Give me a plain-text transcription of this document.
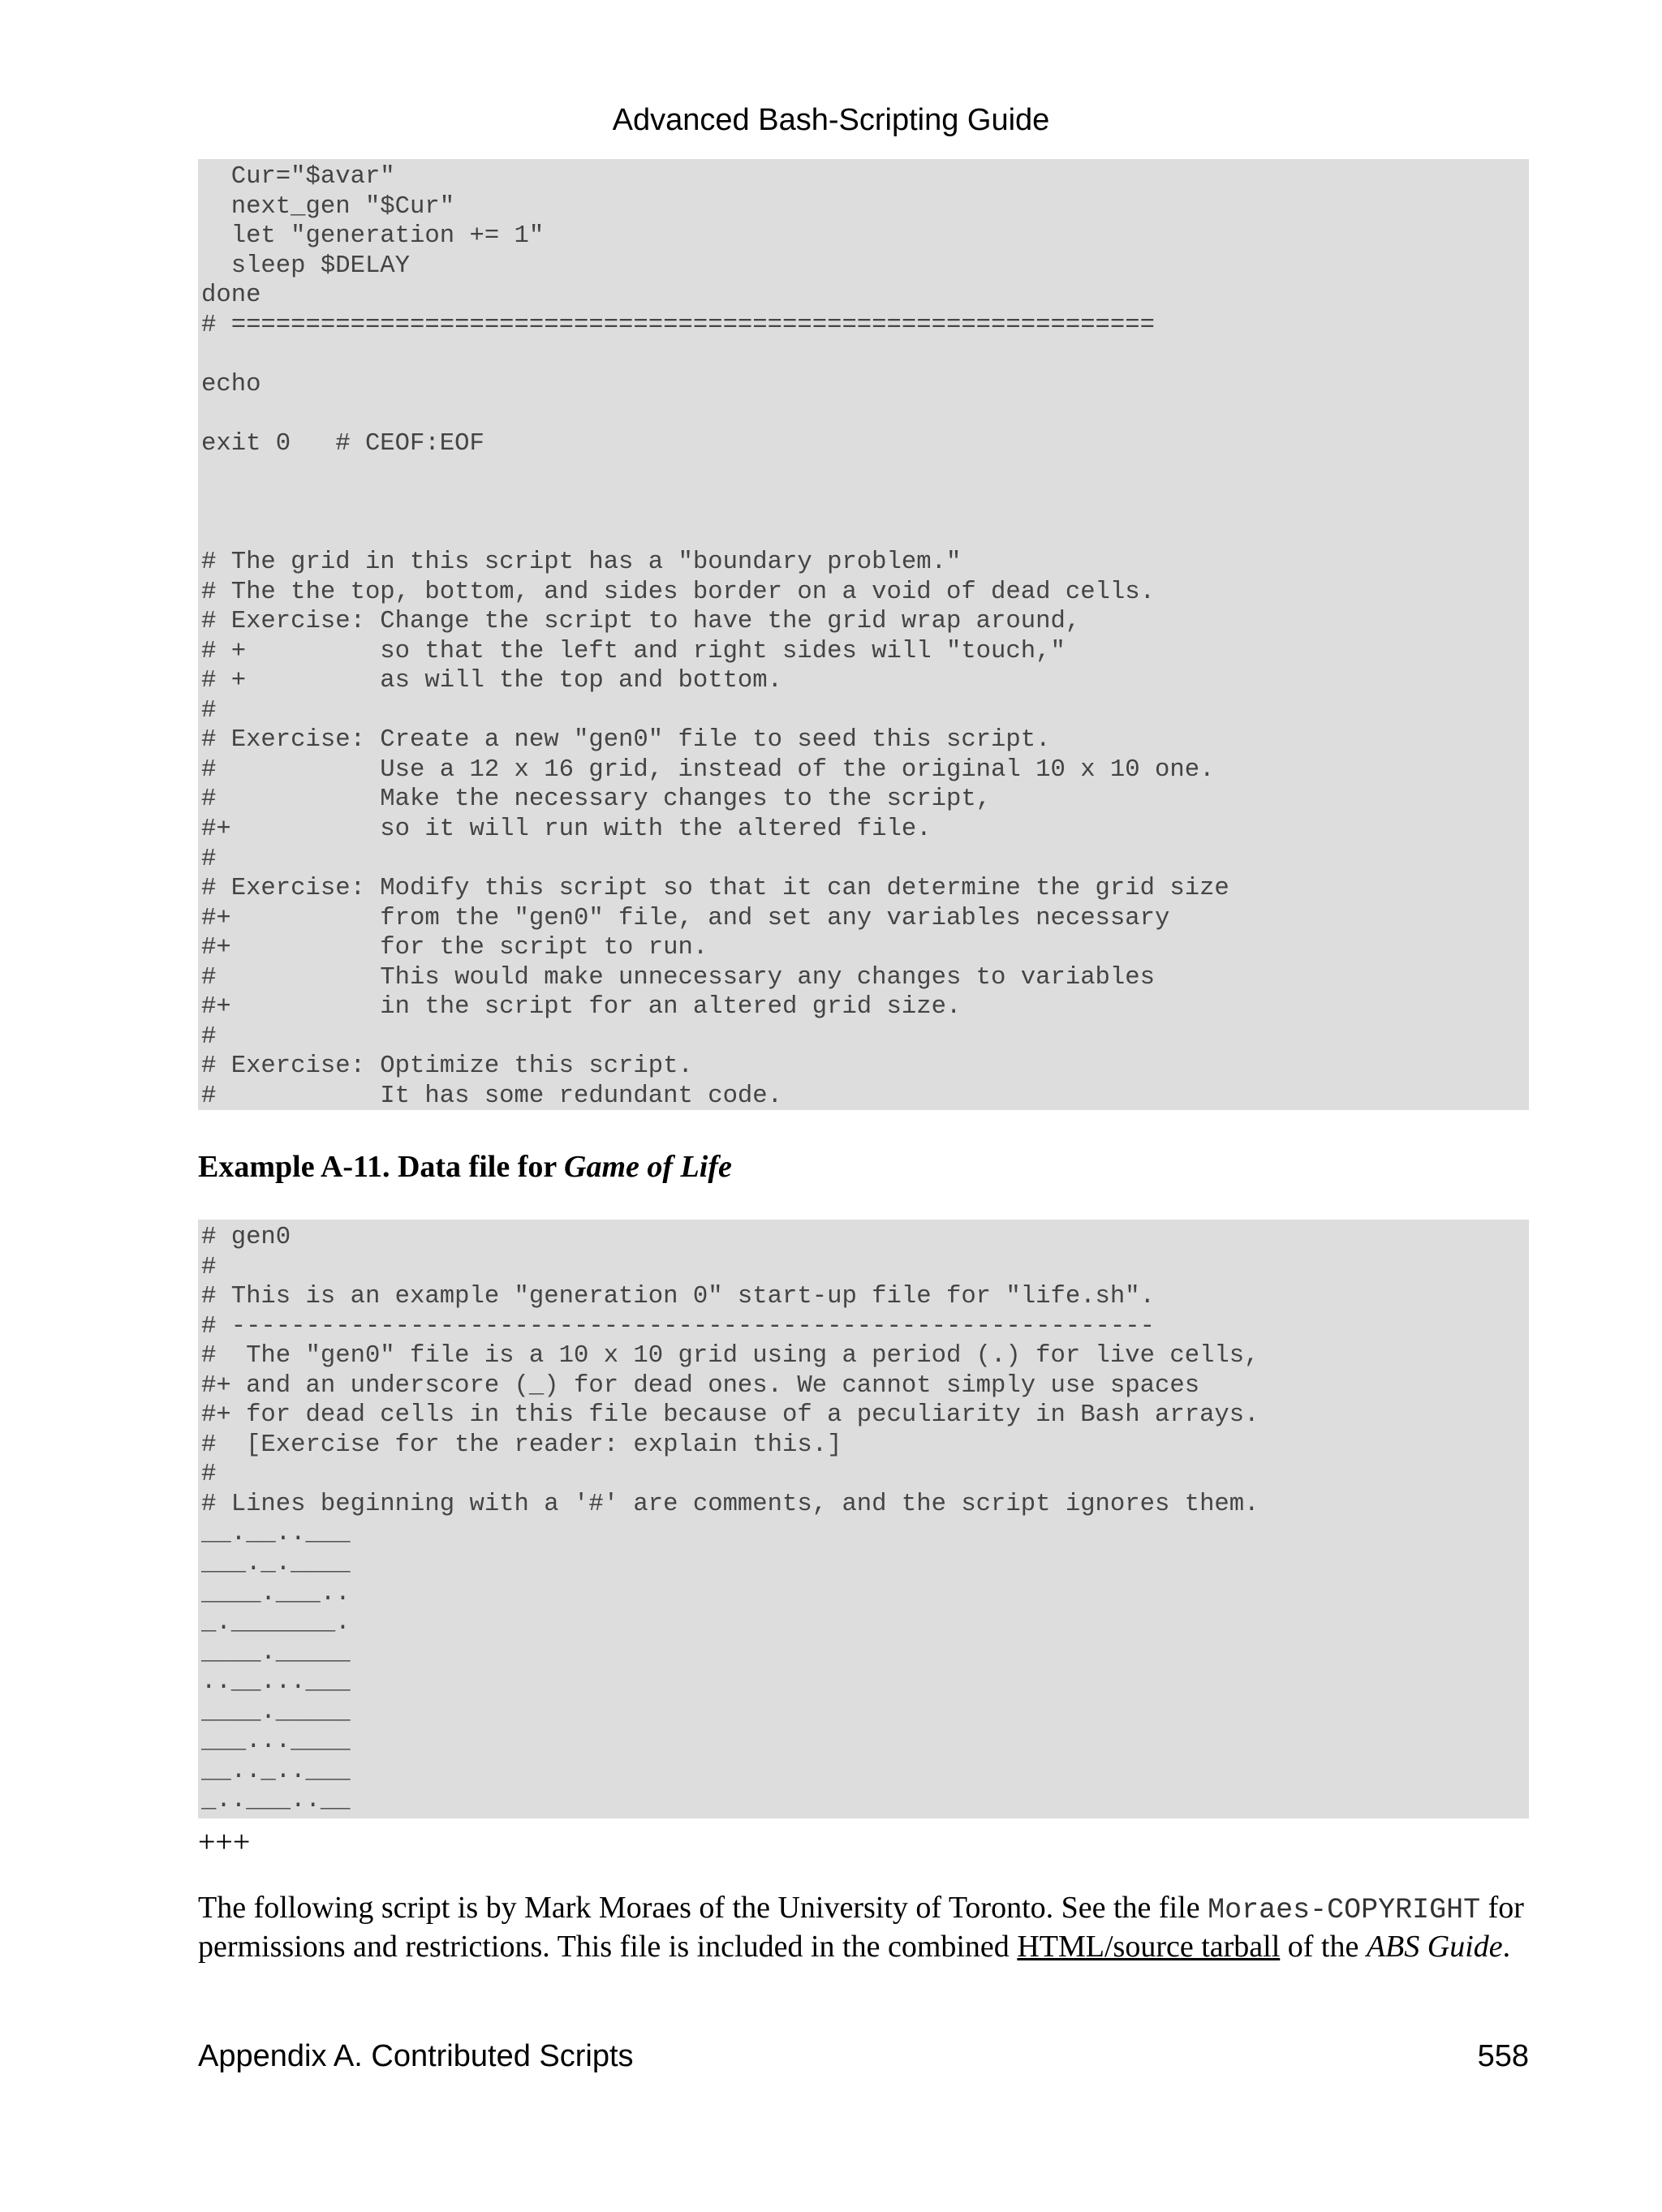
Advanced Bash-Scripting Guide
Cur="$avar"
next_gen "$Cur"
let "generation += 1"
sleep $DELAY
done
# ==============================================================

echo

exit 0   # CEOF:EOF

# The grid in this script has a "boundary problem."
# The the top, bottom, and sides border on a void of dead cells.
# Exercise: Change the script to have the grid wrap around,
# +         so that the left and right sides will "touch,"
# +         as will the top and bottom.
#
# Exercise: Create a new "gen0" file to seed this script.
#           Use a 12 x 16 grid, instead of the original 10 x 10 one.
#           Make the necessary changes to the script,
#+          so it will run with the altered file.
#
# Exercise: Modify this script so that it can determine the grid size
#+          from the "gen0" file, and set any variables necessary
#+          for the script to run.
#           This would make unnecessary any changes to variables
#+          in the script for an altered grid size.
#
# Exercise: Optimize this script.
#           It has some redundant code.
Example A-11. Data file for Game of Life
# gen0
#
# This is an example "generation 0" start-up file for "life.sh".
# --------------------------------------------------------------
#  The "gen0" file is a 10 x 10 grid using a period (.) for live cells,
#+ and an underscore (_) for dead ones. We cannot simply use spaces
#+ for dead cells in this file because of a peculiarity in Bash arrays.
#  [Exercise for the reader: explain this.]
#
# Lines beginning with a '#' are comments, and the script ignores them.
__.__..___
___._.____
____.___..
_._______.
____._____
..__...___
____._____
___...____
__.._..___
_..___..__

+++

The following script is by Mark Moraes of the University of Toronto. See the file Moraes-COPYRIGHT for permissions and restrictions. This file is included in the combined HTML/source tarball of the ABS Guide.

Appendix A. Contributed Scripts	558
